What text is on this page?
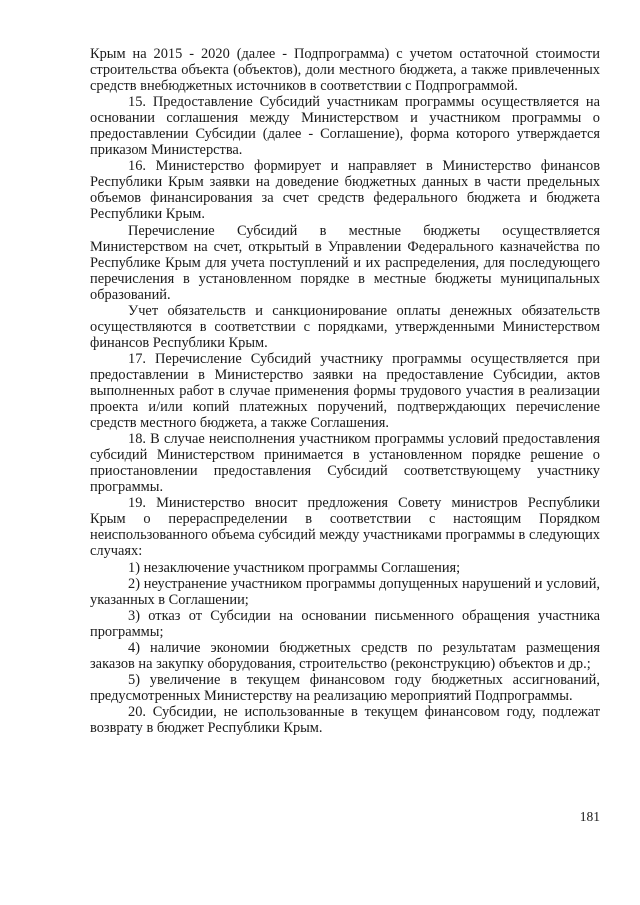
Крым на 2015 - 2020 (далее - Подпрограмма) с учетом остаточной стоимости строительства объекта (объектов), доли местного бюджета, а также привлеченных средств внебюджетных источников в соответствии с Подпрограммой.

15. Предоставление Субсидий участникам программы осуществляется на основании соглашения между Министерством и участником программы о предоставлении Субсидии (далее - Соглашение), форма которого утверждается приказом Министерства.

16. Министерство формирует и направляет в Министерство финансов Республики Крым заявки на доведение бюджетных данных в части предельных объемов финансирования за счет средств федерального бюджета и бюджета Республики Крым.

Перечисление Субсидий в местные бюджеты осуществляется Министерством на счет, открытый в Управлении Федерального казначейства по Республике Крым для учета поступлений и их распределения, для последующего перечисления в установленном порядке в местные бюджеты муниципальных образований.

Учет обязательств и санкционирование оплаты денежных обязательств осуществляются в соответствии с порядками, утвержденными Министерством финансов Республики Крым.

17. Перечисление Субсидий участнику программы осуществляется при предоставлении в Министерство заявки на предоставление Субсидии, актов выполненных работ в случае применения формы трудового участия в реализации проекта и/или копий платежных поручений, подтверждающих перечисление средств местного бюджета, а также Соглашения.

18. В случае неисполнения участником программы условий предоставления субсидий Министерством принимается в установленном порядке решение о приостановлении предоставления Субсидий соответствующему участнику программы.

19. Министерство вносит предложения Совету министров Республики Крым о перераспределении в соответствии с настоящим Порядком неиспользованного объема субсидий между участниками программы в следующих случаях:

1) незаключение участником программы Соглашения;

2) неустранение участником программы допущенных нарушений и условий, указанных в Соглашении;

3) отказ от Субсидии на основании письменного обращения участника программы;

4) наличие экономии бюджетных средств по результатам размещения заказов на закупку оборудования, строительство (реконструкцию) объектов и др.;

5) увеличение в текущем финансовом году бюджетных ассигнований, предусмотренных Министерству на реализацию мероприятий Подпрограммы.

20. Субсидии, не использованные в текущем финансовом году, подлежат возврату в бюджет Республики Крым.

181
